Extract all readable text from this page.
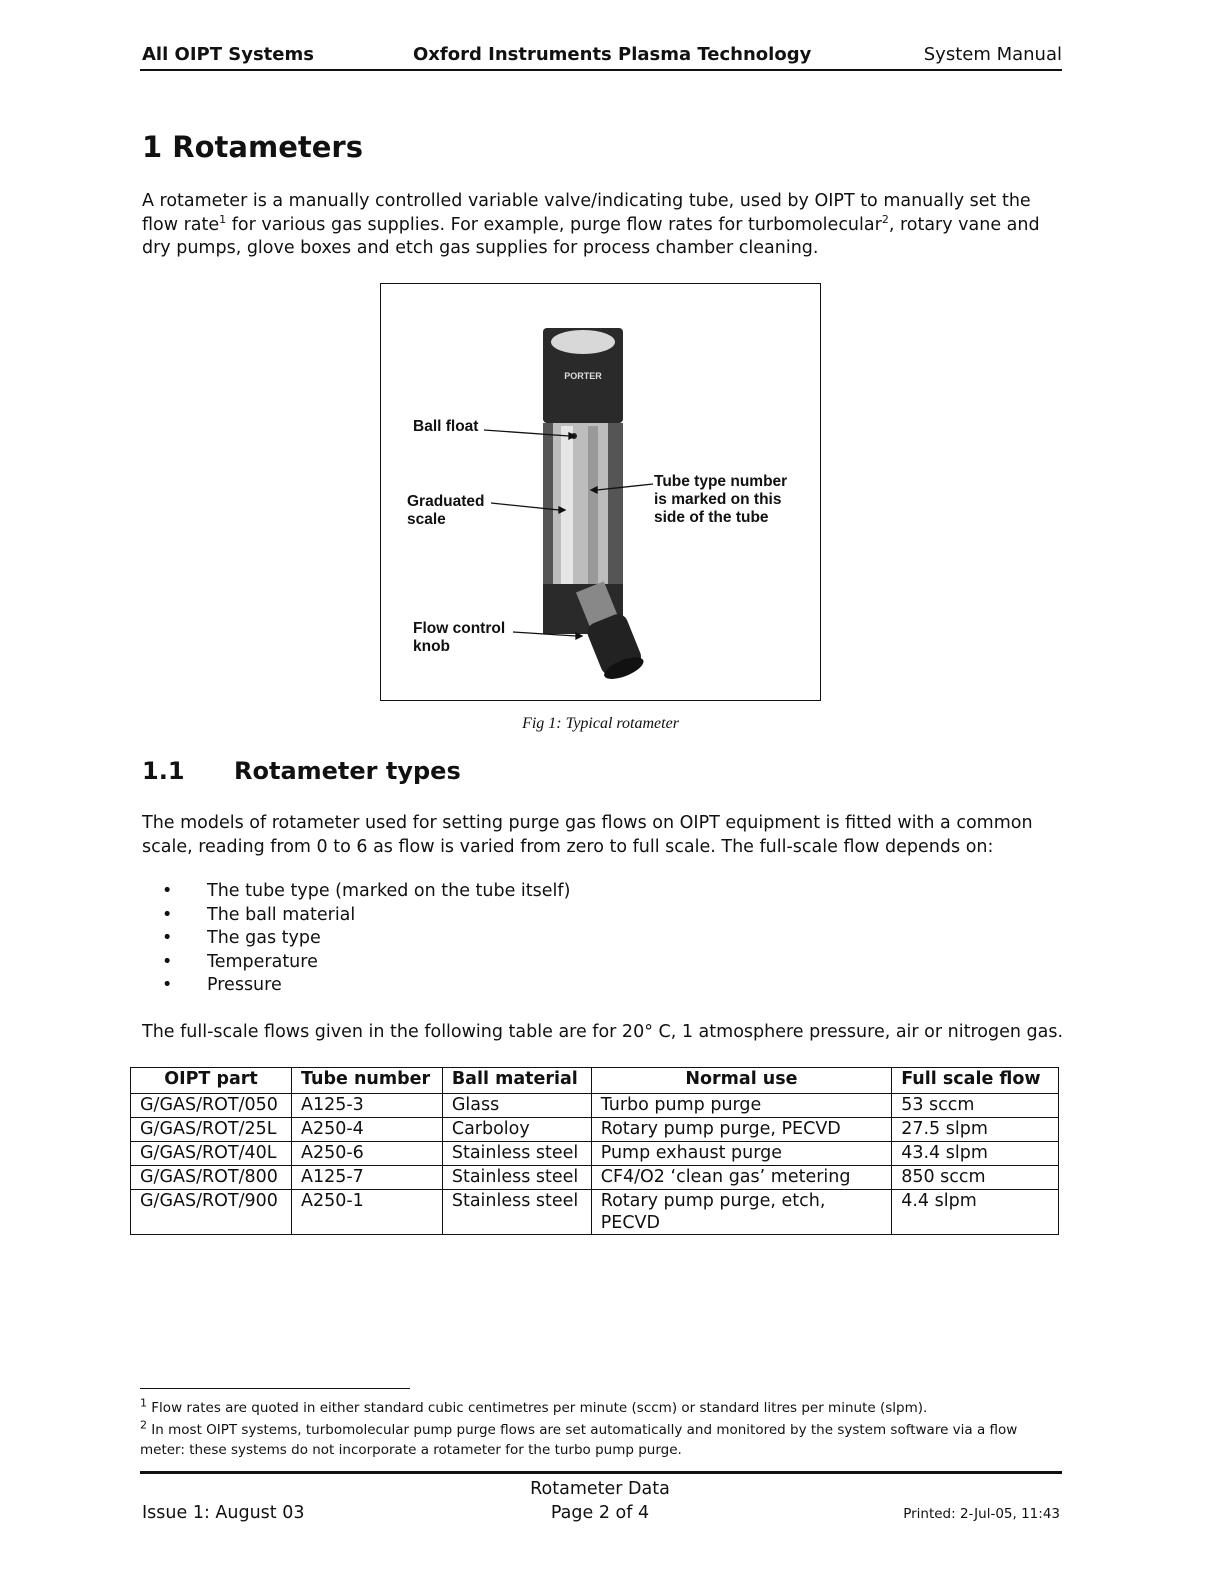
All OIPT Systems	Oxford Instruments Plasma Technology	System Manual
1 Rotameters

A rotameter is a manually controlled variable valve/indicating tube, used by OIPT to manually set the flow rate$^1$ for various gas supplies. For example, purge flow rates for turbomolecular$^2$, rotary vane and dry pumps, glove boxes and etch gas supplies for process chamber cleaning.

PORTER
Ball float
Graduated
scale
Tube type number
is marked on this
side of the tube
Flow control
knob
Fig 1: Typical rotameter
1.1 Rotameter types

The models of rotameter used for setting purge gas flows on OIPT equipment is fitted with a common scale, reading from 0 to 6 as flow is varied from zero to full scale. The full-scale flow depends on:

• The tube type (marked on the tube itself)
• The ball material
• The gas type
• Temperature
• Pressure

The full-scale flows given in the following table are for 20° C, 1 atmosphere pressure, air or nitrogen gas.

OIPT part	Tube number	Ball material	Normal use	Full scale flow
G/GAS/ROT/050	A125-3	Glass	Turbo pump purge	53 sccm
G/GAS/ROT/25L	A250-4	Carboloy	Rotary pump purge, PECVD	27.5 slpm
G/GAS/ROT/40L	A250-6	Stainless steel	Pump exhaust purge	43.4 slpm
G/GAS/ROT/800	A125-7	Stainless steel	CF4/O2 ‘clean gas’ metering	850 sccm
G/GAS/ROT/900	A250-1	Stainless steel	Rotary pump purge, etch, PECVD	4.4 slpm
$^1$ Flow rates are quoted in either standard cubic centimetres per minute (sccm) or standard litres per minute (slpm).
$^2$ In most OIPT systems, turbomolecular pump purge flows are set automatically and monitored by the system software via a flow meter: these systems do not incorporate a rotameter for the turbo pump purge.
Rotameter Data
Issue 1: August 03	Page 2 of 4	Printed: 2-Jul-05, 11:43
